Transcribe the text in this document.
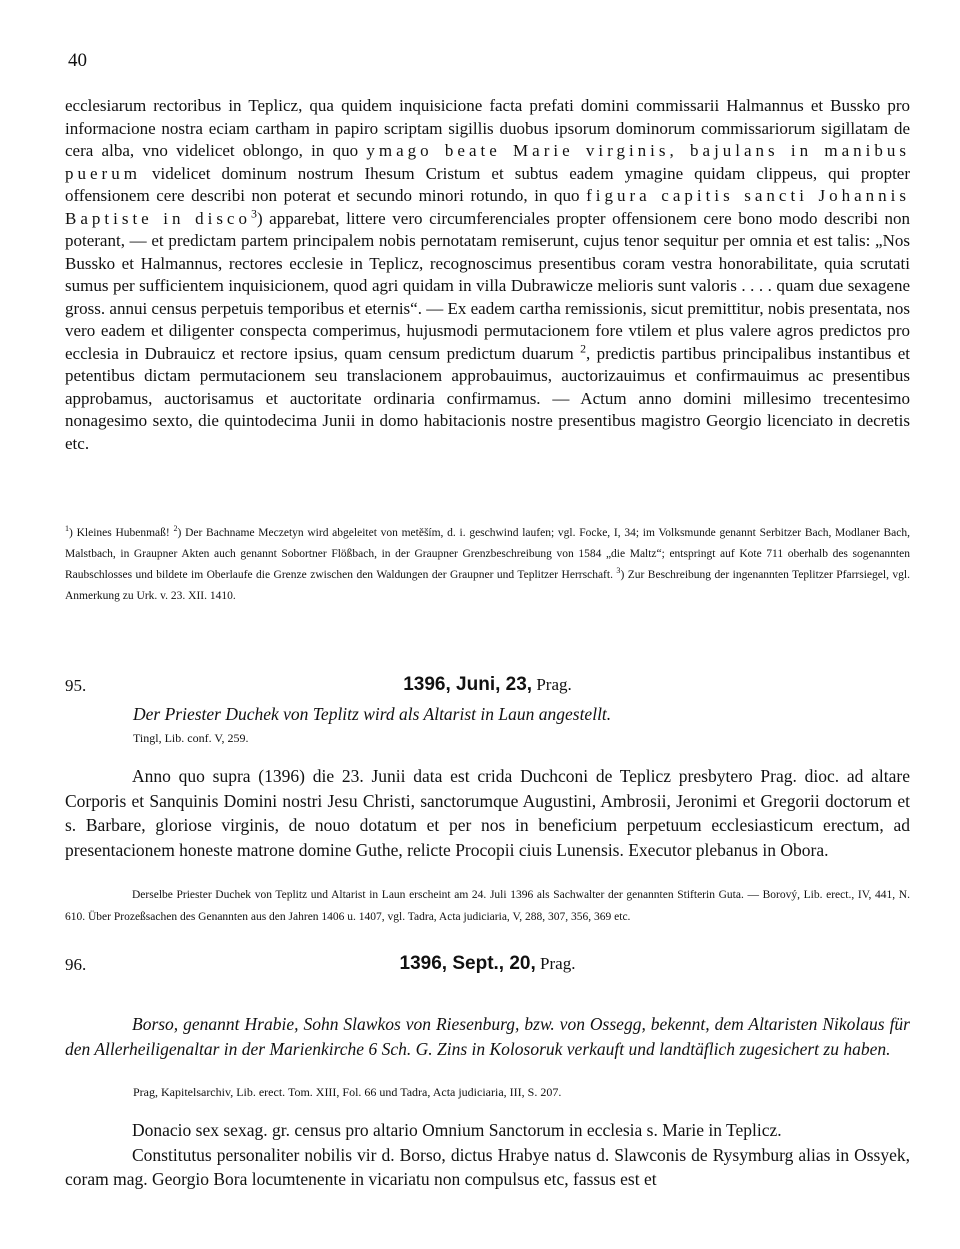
40

ecclesiarum rectoribus in Teplicz, qua quidem inquisicione facta prefati domini commissarii Halmannus et Bussko pro informacione nostra eciam cartham in papiro scriptam sigillis duobus ipsorum dominorum commissariorum sigillatam de cera alba, vno videlicet oblongo, in quo ymago beate Marie virginis, bajulans in manibus puerum videlicet dominum nostrum Ihesum Cristum et subtus eadem ymagine quidam clippeus, qui propter offensionem cere describi non poterat et secundo minori rotundo, in quo figura capitis sancti Johannis Baptiste in disco$^3$) apparebat, littere vero circumferenciales propter offensionem cere bono modo describi non poterant, — et predictam partem principalem nobis pernotatam remiserunt, cujus tenor sequitur per omnia et est talis: „Nos Bussko et Halmannus, rectores ecclesie in Teplicz, recognoscimus presentibus coram vestra honorabilitate, quia scrutati sumus per sufficientem inquisicionem, quod agri quidam in villa Dubrawicze melioris sunt valoris . . . . quam due sexagene gross. annui census perpetuis temporibus et eternis“. — Ex eadem cartha remissionis, sicut premittitur, nobis presentata, nos vero eadem et diligenter conspecta comperimus, hujusmodi permutacionem fore vtilem et plus valere agros predictos pro ecclesia in Dubrauicz et rectore ipsius, quam censum predictum duarum $^2$, predictis partibus principalibus instantibus et petentibus dictam permutacionem seu translacionem approbauimus, auctorizauimus et confirmauimus ac presentibus approbamus, auctorisamus et auctoritate ordinaria confirmamus. — Actum anno domini millesimo trecentesimo nonagesimo sexto, die quintodecima Junii in domo habitacionis nostre presentibus magistro Georgio licenciato in decretis etc.

$^1$) Kleines Hubenmaß! $^2$) Der Bachname Meczetyn wird abgeleitet von metěším, d. i. geschwind laufen; vgl. Focke, I, 34; im Volksmunde genannt Serbitzer Bach, Modlaner Bach, Malstbach, in Graupner Akten auch genannt Sobortner Flößbach, in der Graupner Grenzbeschreibung von 1584 „die Maltz“; entspringt auf Kote 711 oberhalb des sogenannten Raubschlosses und bildete im Oberlaufe die Grenze zwischen den Waldungen der Graupner und Teplitzer Herrschaft. $^3$) Zur Beschreibung der ingenannten Teplitzer Pfarrsiegel, vgl. Anmerkung zu Urk. v. 23. XII. 1410.

95.	1396, Juni, 23, Prag.

Der Priester Duchek von Teplitz wird als Altarist in Laun angestellt.

Tingl, Lib. conf. V, 259.

Anno quo supra (1396) die 23. Junii data est crida Duchconi de Teplicz presbytero Prag. dioc. ad altare Corporis et Sanquinis Domini nostri Jesu Christi, sanctorumque Augustini, Ambrosii, Jeronimi et Gregorii doctorum et s. Barbare, gloriose virginis, de nouo dotatum et per nos in beneficium perpetuum ecclesiasticum erectum, ad presentacionem honeste matrone domine Guthe, relicte Procopii ciuis Lunensis. Executor plebanus in Obora.

Derselbe Priester Duchek von Teplitz und Altarist in Laun erscheint am 24. Juli 1396 als Sachwalter der genannten Stifterin Guta. — Borový, Lib. erect., IV, 441, N. 610. Über Prozeßsachen des Genannten aus den Jahren 1406 u. 1407, vgl. Tadra, Acta judiciaria, V, 288, 307, 356, 369 etc.

96.	1396, Sept., 20, Prag.

Borso, genannt Hrabie, Sohn Slawkos von Riesenburg, bzw. von Ossegg, bekennt, dem Altaristen Nikolaus für den Allerheiligenaltar in der Marienkirche 6 Sch. G. Zins in Kolosoruk verkauft und landtäflich zugesichert zu haben.

Prag, Kapitelsarchiv, Lib. erect. Tom. XIII, Fol. 66 und Tadra, Acta judiciaria, III, S. 207.

Donacio sex sexag. gr. census pro altario Omnium Sanctorum in ecclesia s. Marie in Teplicz.

Constitutus personaliter nobilis vir d. Borso, dictus Hrabye natus d. Slawconis de Rysymburg alias in Ossyek, coram mag. Georgio Bora locumtenente in vicariatu non compulsus etc, fassus est et
